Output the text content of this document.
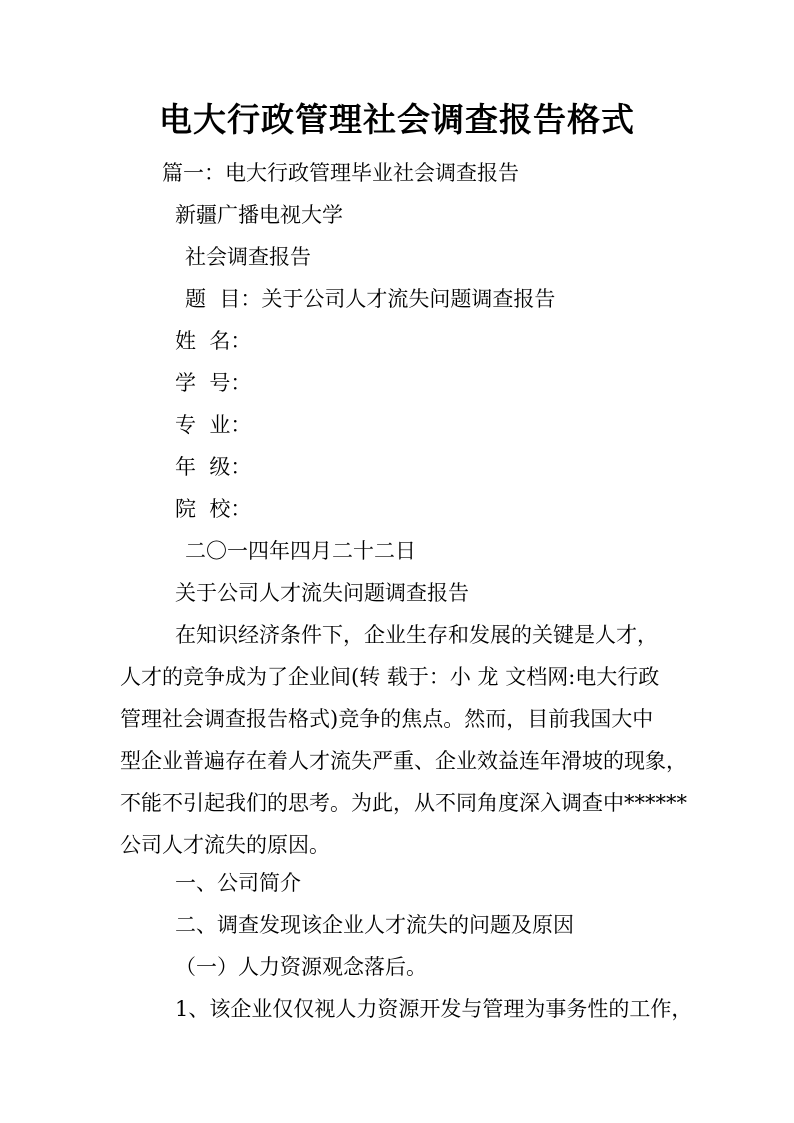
电大行政管理社会调查报告格式
篇一：电大行政管理毕业社会调查报告
新疆广播电视大学
社会调查报告
题  目：关于公司人才流失问题调查报告
姓  名：
学  号：
专  业：
年  级：
院  校：
二〇一四年四月二十二日
关于公司人才流失问题调查报告
在知识经济条件下，企业生存和发展的关键是人才，
人才的竞争成为了企业间(转 载于：小 龙 文档网:电大行政
管理社会调查报告格式)竞争的焦点。然而，目前我国大中
型企业普遍存在着人才流失严重、企业效益连年滑坡的现象，
不能不引起我们的思考。为此，从不同角度深入调查中******
公司人才流失的原因。
一、公司简介
二、调查发现该企业人才流失的问题及原因
（一）人力资源观念落后。
1、该企业仅仅视人力资源开发与管理为事务性的工作，
